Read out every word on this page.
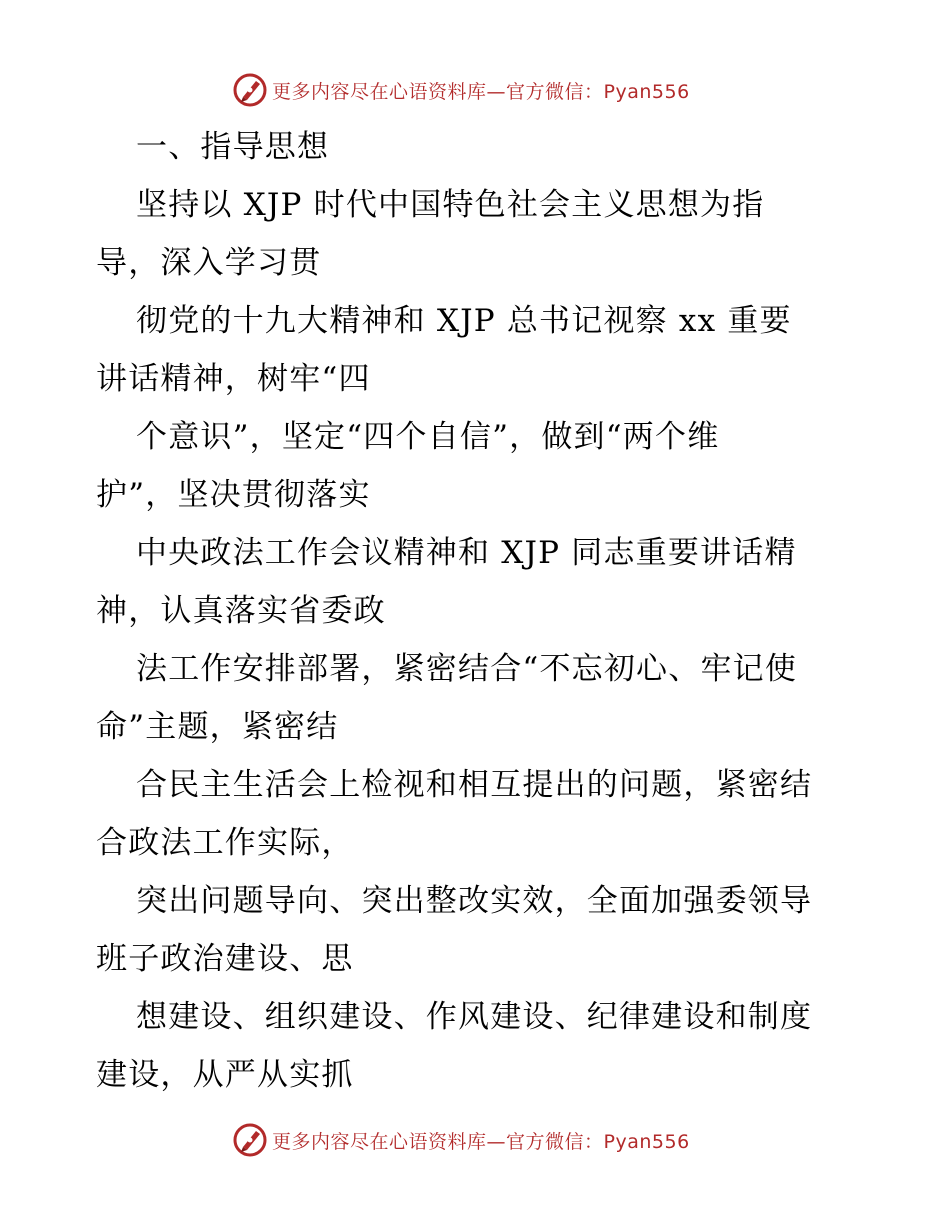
更多内容尽在心语资料库—官方微信：Pyan556
一、指导思想
坚持以 XJP 时代中国特色社会主义思想为指
导，深入学习贯
彻党的十九大精神和 XJP 总书记视察 xx 重要
讲话精神，树牢“四
个意识”，坚定“四个自信”，做到“两个维
护”，坚决贯彻落实
中央政法工作会议精神和 XJP 同志重要讲话精
神，认真落实省委政
法工作安排部署，紧密结合“不忘初心、牢记使
命”主题，紧密结
合民主生活会上检视和相互提出的问题，紧密结
合政法工作实际，
突出问题导向、突出整改实效，全面加强委领导
班子政治建设、思
想建设、组织建设、作风建设、纪律建设和制度
建设，从严从实抓
更多内容尽在心语资料库—官方微信：Pyan556
